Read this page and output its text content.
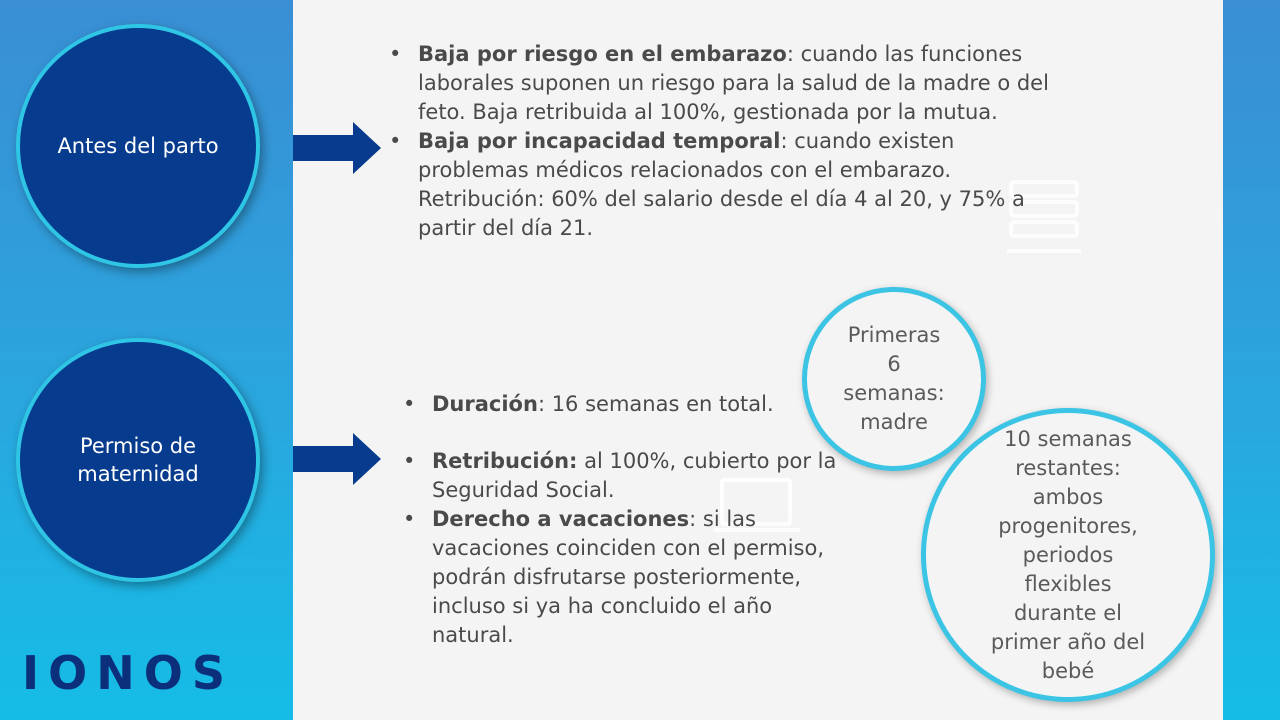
Antes del parto
• Baja por riesgo en el embarazo: cuando las funciones laborales suponen un riesgo para la salud de la madre o del feto. Baja retribuida al 100%, gestionada por la mutua.
• Baja por incapacidad temporal: cuando existen problemas médicos relacionados con el embarazo. Retribución: 60% del salario desde el día 4 al 20, y 75% a partir del día 21.
Permiso de maternidad
• Duración: 16 semanas en total.
• Retribución: al 100%, cubierto por la Seguridad Social.
• Derecho a vacaciones: si las vacaciones coinciden con el permiso, podrán disfrutarse posteriormente, incluso si ya ha concluido el año natural.
Primeras 6 semanas: madre
10 semanas restantes: ambos progenitores, periodos flexibles durante el primer año del bebé
IONOS
